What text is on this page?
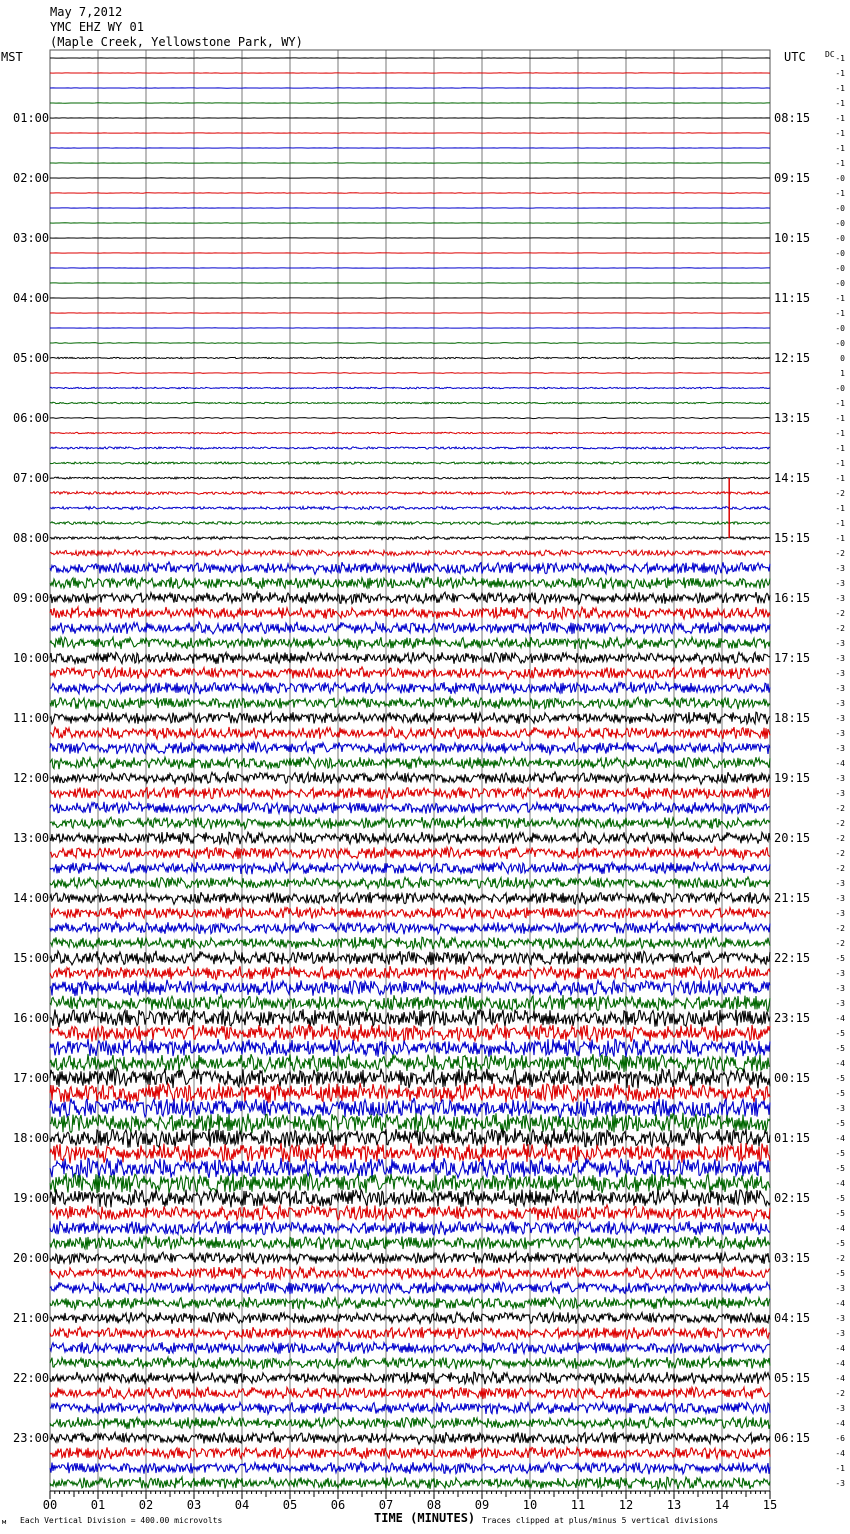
May 7,2012
YMC EHZ WY 01
(Maple Creek, Yellowstone Park, WY)
MST	UTC DC
01:00
02:00
03:00
04:00
05:00
06:00
07:00
08:00
09:00
10:00
11:00
12:00
13:00
14:00
15:00
16:00
17:00
18:00
19:00
20:00
21:00
22:00
23:00
08:15
09:15
10:15
11:15
12:15
13:15
14:15
15:15
16:15
17:15
18:15
19:15
20:15
21:15
22:15
23:15
00:15
01:15
02:15
03:15
04:15
05:15
06:15
-1
-1
-1
-1
-1
-1
-1
-1
-0
-1
-0
-0
-0
-0
-0
-0
-1
-1
-0
-0
0
1
-0
-1
-1
-1
-1
-1
-1
-2
-1
-1
-1
-2
-3
-3
-3
-2
-2
-3
-3
-3
-3
-3
-3
-3
-3
-4
-3
-3
-2
-2
-2
-2
-2
-3
-3
-3
-2
-2
-5
-3
-3
-3
-4
-5
-5
-4
-5
-5
-3
-5
-4
-5
-5
-4
-5
-5
-4
-5
-2
-5
-3
-4
-3
-3
-4
-4
-4
-2
-3
-4
-6
-4
-1
-3
00	01	02	03	04	05	06	07	08	09	10	11	12	13	14	15
TIME (MINUTES)
м Each Vertical Division = 400.00 microvolts	Traces clipped at plus/minus 5 vertical divisions
